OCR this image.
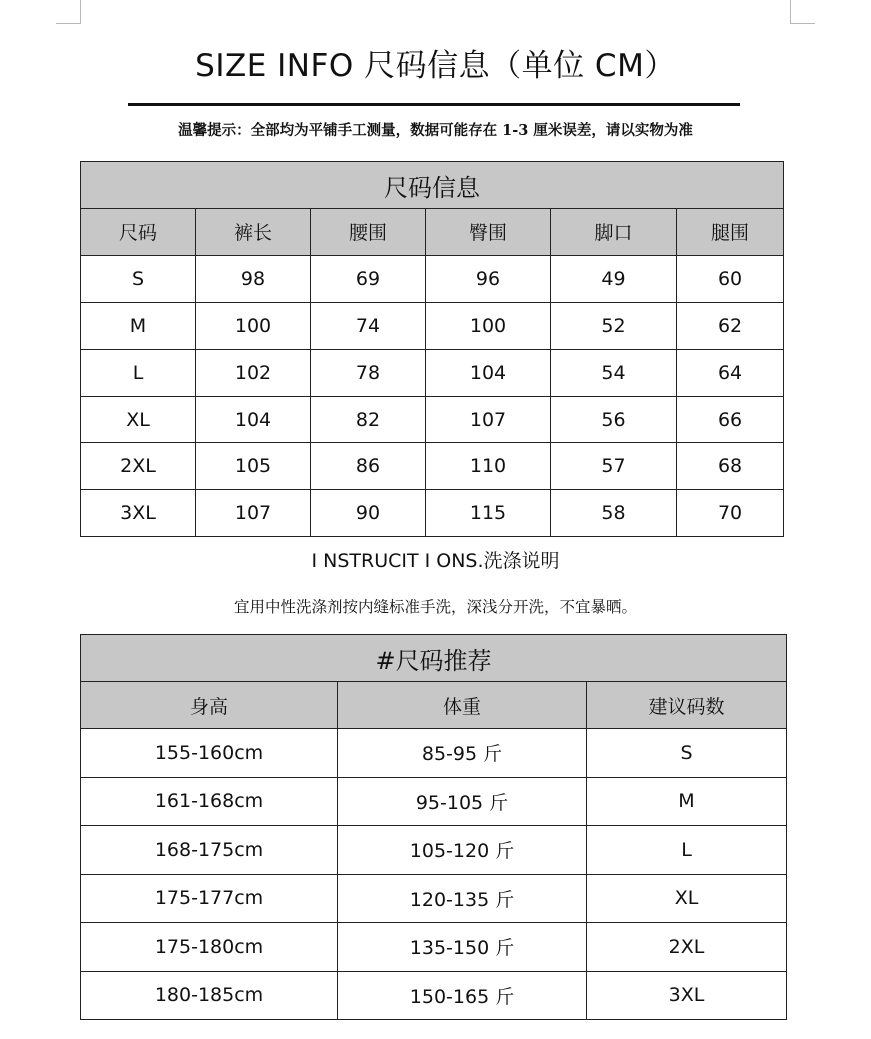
SIZE INFO 尺码信息（单位 CM）
温馨提示：全部均为平铺手工测量，数据可能存在 1-3 厘米误差，请以实物为准
尺码信息					
尺码	裤长	腰围	臀围	脚口	腿围
S	98	69	96	49	60
M	100	74	100	52	62
L	102	78	104	54	64
XL	104	82	107	56	66
2XL	105	86	110	57	68
3XL	107	90	115	58	70
I NSTRUCIT I ONS.洗涤说明
宜用中性洗涤剂按内缝标准手洗，深浅分开洗，不宜暴晒。
#尺码推荐		
身高	体重	建议码数
155-160cm	85-95 斤	S
161-168cm	95-105 斤	M
168-175cm	105-120 斤	L
175-177cm	120-135 斤	XL
175-180cm	135-150 斤	2XL
180-185cm	150-165 斤	3XL
